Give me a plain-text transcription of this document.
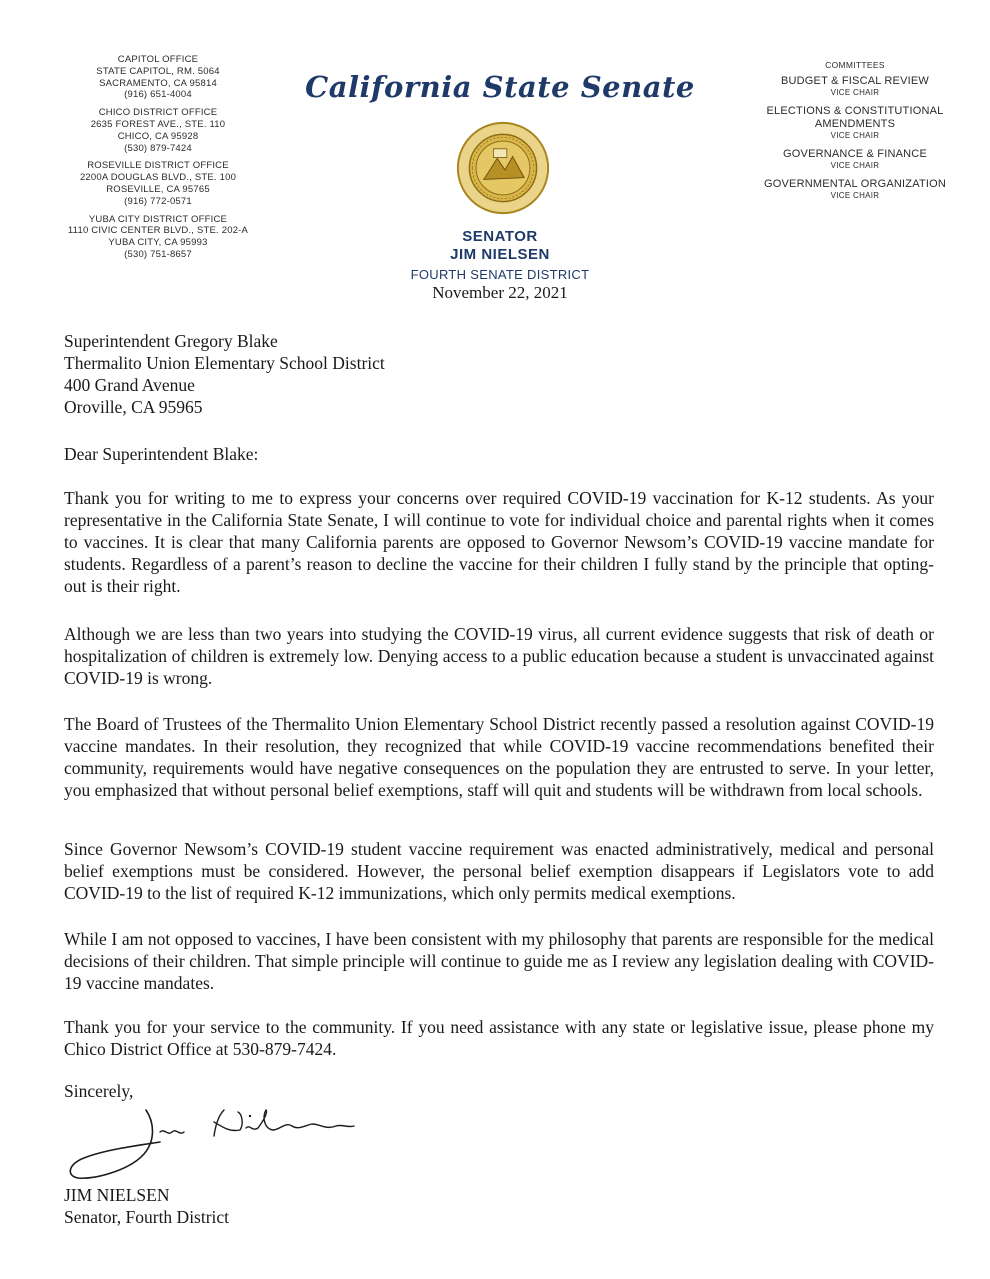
CAPITOL OFFICE
STATE CAPITOL, RM. 5064
SACRAMENTO, CA 95814
(916) 651-4004
CHICO DISTRICT OFFICE
2635 FOREST AVE., STE. 110
CHICO, CA 95928
(530) 879-7424
ROSEVILLE DISTRICT OFFICE
2200A DOUGLAS BLVD., STE. 100
ROSEVILLE, CA 95765
(916) 772-0571
YUBA CITY DISTRICT OFFICE
1110 CIVIC CENTER BLVD., STE. 202-A
YUBA CITY, CA 95993
(530) 751-8657
California State Senate
COMMITTEES
BUDGET & FISCAL REVIEW
VICE CHAIR
ELECTIONS & CONSTITUTIONAL AMENDMENTS
VICE CHAIR
GOVERNANCE & FINANCE
VICE CHAIR
GOVERNMENTAL ORGANIZATION
VICE CHAIR
SENATOR
JIM NIELSEN
FOURTH SENATE DISTRICT
November 22, 2021
Superintendent Gregory Blake
Thermalito Union Elementary School District
400 Grand Avenue
Oroville, CA 95965
Dear Superintendent Blake:
Thank you for writing to me to express your concerns over required COVID-19 vaccination for K-12 students. As your representative in the California State Senate, I will continue to vote for individual choice and parental rights when it comes to vaccines. It is clear that many California parents are opposed to Governor Newsom’s COVID-19 vaccine mandate for students. Regardless of a parent’s reason to decline the vaccine for their children I fully stand by the principle that opting-out is their right.
Although we are less than two years into studying the COVID-19 virus, all current evidence suggests that risk of death or hospitalization of children is extremely low. Denying access to a public education because a student is unvaccinated against COVID-19 is wrong.
The Board of Trustees of the Thermalito Union Elementary School District recently passed a resolution against COVID-19 vaccine mandates. In their resolution, they recognized that while COVID-19 vaccine recommendations benefited their community, requirements would have negative consequences on the population they are entrusted to serve. In your letter, you emphasized that without personal belief exemptions, staff will quit and students will be withdrawn from local schools.
Since Governor Newsom’s COVID-19 student vaccine requirement was enacted administratively, medical and personal belief exemptions must be considered. However, the personal belief exemption disappears if Legislators vote to add COVID-19 to the list of required K-12 immunizations, which only permits medical exemptions.
While I am not opposed to vaccines, I have been consistent with my philosophy that parents are responsible for the medical decisions of their children. That simple principle will continue to guide me as I review any legislation dealing with COVID-19 vaccine mandates.
Thank you for your service to the community. If you need assistance with any state or legislative issue, please phone my Chico District Office at 530-879-7424.
Sincerely,
JIM NIELSEN
Senator, Fourth District
